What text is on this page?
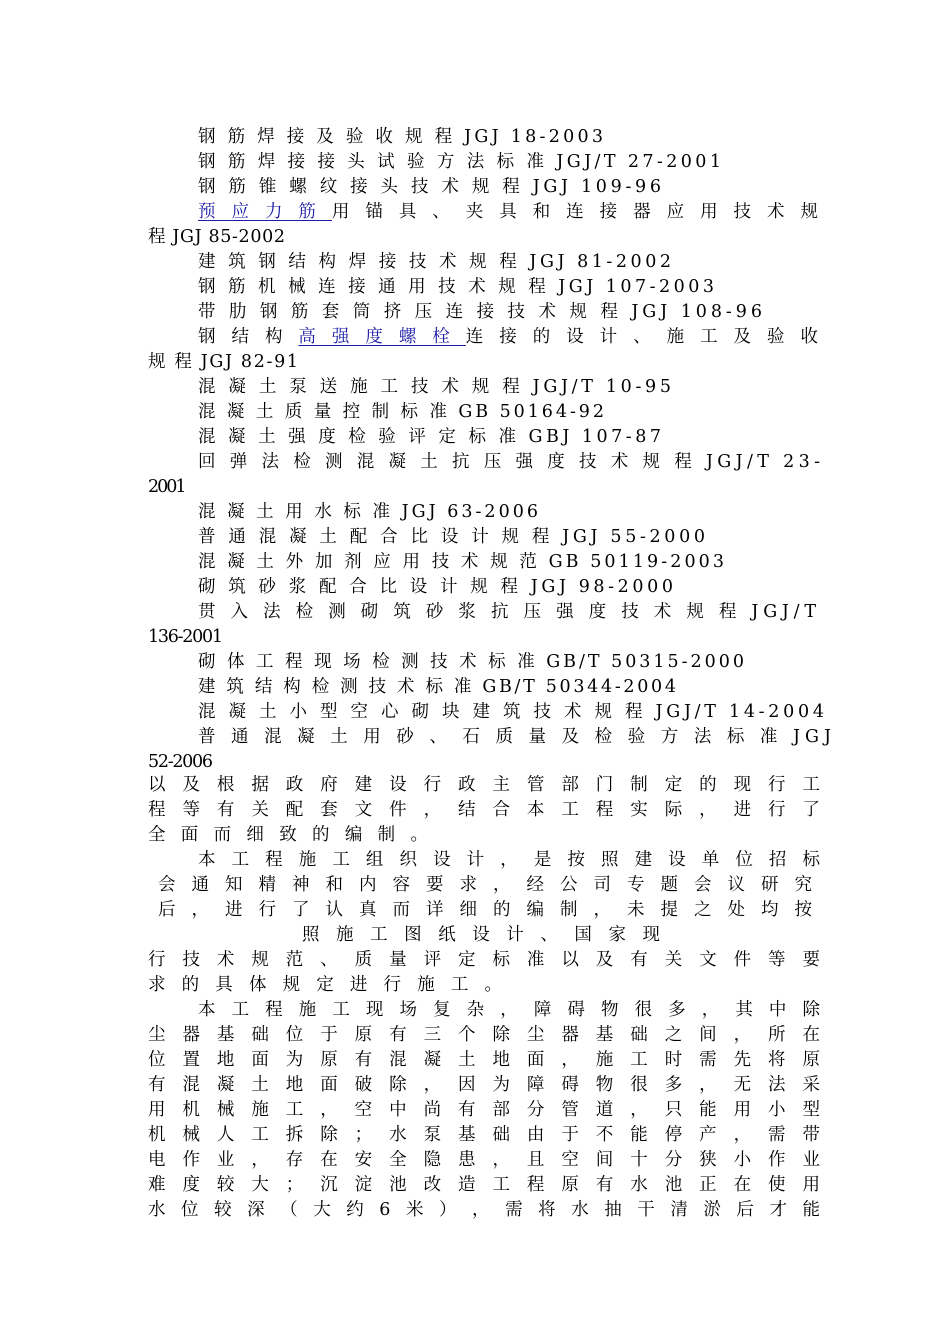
钢 筋 焊 接 及 验 收 规 程 JGJ 18-2003
钢 筋 焊 接 接 头 试 验 方 法 标 准 JGJ/T 27-2001
钢 筋 锥 螺 纹 接 头 技 术 规 程 JGJ 109-96
预 应 力 筋 用 锚 具 、 夹 具 和 连 接 器 应 用 技 术 规
程 JGJ 85-2002
建 筑 钢 结 构 焊 接 技 术 规 程 JGJ 81-2002
钢 筋 机 械 连 接 通 用 技 术 规 程 JGJ 107-2003
带 肋 钢 筋 套 筒 挤 压 连 接 技 术 规 程 JGJ 108-96
钢 结 构 高 强 度 螺 栓 连 接 的 设 计 、 施 工 及 验 收
规 程 JGJ 82-91
混 凝 土 泵 送 施 工 技 术 规 程 JGJ/T 10-95
混 凝 土 质 量 控 制 标 准 GB 50164-92
混 凝 土 强 度 检 验 评 定 标 准 GBJ 107-87
回 弹 法 检 测 混 凝 土 抗 压 强 度 技 术 规 程 JGJ/T 23-
2001
混 凝 土 用 水 标 准 JGJ 63-2006
普 通 混 凝 土 配 合 比 设 计 规 程 JGJ 55-2000
混 凝 土 外 加 剂 应 用 技 术 规 范 GB 50119-2003
砌 筑 砂 浆 配 合 比 设 计 规 程 JGJ 98-2000
贯 入 法 检 测 砌 筑 砂 浆 抗 压 强 度 技 术 规 程 JGJ/T
136-2001
砌 体 工 程 现 场 检 测 技 术 标 准 GB/T 50315-2000
建 筑 结 构 检 测 技 术 标 准 GB/T 50344-2004
混 凝 土 小 型 空 心 砌 块 建 筑 技 术 规 程 JGJ/T 14-2004
普 通 混 凝 土 用 砂 、 石 质 量 及 检 验 方 法 标 准 JGJ
52-2006
以 及 根 据 政 府 建 设 行 政 主 管 部 门 制 定 的 现 行 工
程 等 有 关 配 套 文 件 ， 结 合 本 工 程 实 际 ， 进 行 了
全 面 而 细 致 的 编 制 。
本 工 程 施 工 组 织 设 计 ， 是 按 照 建 设 单 位 招 标
会 通 知 精 神 和 内 容 要 求 ， 经 公 司 专 题 会 议 研 究
后 ， 进 行 了 认 真 而 详 细 的 编 制 ， 未 提 之 处 均 按
照 施 工 图 纸 设 计 、 国 家 现
行 技 术 规 范 、 质 量 评 定 标 准 以 及 有 关 文 件 等 要
求 的 具 体 规 定 进 行 施 工 。
本 工 程 施 工 现 场 复 杂 ， 障 碍 物 很 多 ， 其 中 除
尘 器 基 础 位 于 原 有 三 个 除 尘 器 基 础 之 间 ， 所 在
位 置 地 面 为 原 有 混 凝 土 地 面 ， 施 工 时 需 先 将 原
有 混 凝 土 地 面 破 除 ， 因 为 障 碍 物 很 多 ， 无 法 采
用 机 械 施 工 ， 空 中 尚 有 部 分 管 道 ， 只 能 用 小 型
机 械 人 工 拆 除 ； 水 泵 基 础 由 于 不 能 停 产 ， 需 带
电 作 业 ， 存 在 安 全 隐 患 ， 且 空 间 十 分 狭 小 作 业
难 度 较 大 ； 沉 淀 池 改 造 工 程 原 有 水 池 正 在 使 用
水 位 较 深 （ 大 约 6 米 ） ， 需 将 水 抽 干 清 淤 后 才 能
